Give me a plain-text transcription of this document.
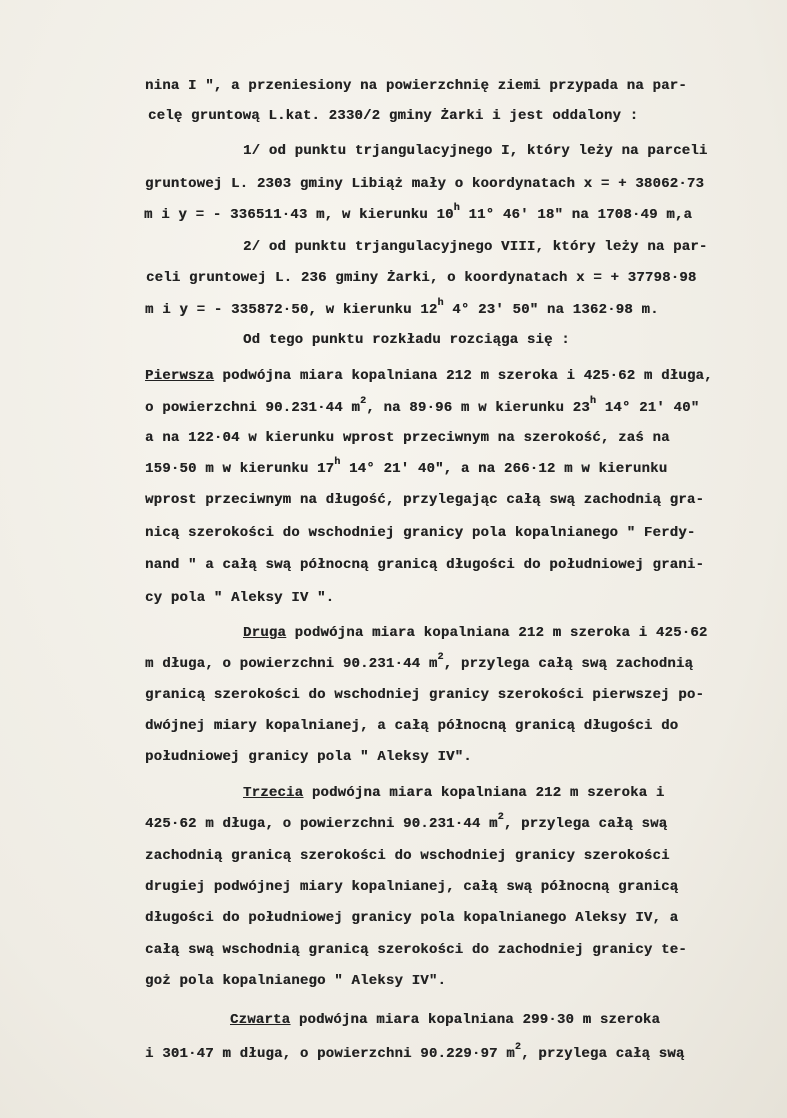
nina I ", a przeniesiony na powierzchnię ziemi przypada na par-
celę gruntową L.kat. 2330/2 gminy Żarki i jest oddalony :
1/ od punktu trjangulacyjnego I, który leży na parceli
gruntowej L. 2303 gminy Libiąż mały o koordynatach x = + 38062·73
m i y = - 336511·43 m, w kierunku 10$^h$ 11° 46' 18" na 1708·49 m,a
2/ od punktu trjangulacyjnego VIII, który leży na par-
celi gruntowej L. 236 gminy Żarki, o koordynatach x = + 37798·98
m i y = - 335872·50, w kierunku 12$^h$ 4° 23' 50" na 1362·98 m.
Od tego punktu rozkładu rozciąga się :
Pierwsza podwójna miara kopalniana 212 m szeroka i 425·62 m długa,
o powierzchni 90.231·44 $m^2$, na 89·96 m w kierunku 23$^h$ 14° 21' 40"
a na 122·04 w kierunku wprost przeciwnym na szerokość, zaś na
159·50 m w kierunku 17$^h$ 14° 21' 40", a na 266·12 m w kierunku
wprost przeciwnym na długość, przylegając całą swą zachodnią gra-
nicą szerokości do wschodniej granicy pola kopalnianego " Ferdy-
nand " a całą swą północną granicą długości do południowej grani-
cy pola " Aleksy IV ".
Druga podwójna miara kopalniana 212 m szeroka i 425·62
m długa, o powierzchni 90.231·44 $m^2$, przylega całą swą zachodnią
granicą szerokości do wschodniej granicy szerokości pierwszej po-
dwójnej miary kopalnianej, a całą północną granicą długości do
południowej granicy pola " Aleksy IV".
Trzecia podwójna miara kopalniana 212 m szeroka i
425·62 m długa, o powierzchni 90.231·44 $m^2$, przylega całą swą
zachodnią granicą szerokości do wschodniej granicy szerokości
drugiej podwójnej miary kopalnianej, całą swą północną granicą
długości do południowej granicy pola kopalnianego Aleksy IV, a
całą swą wschodnią granicą szerokości do zachodniej granicy te-
goż pola kopalnianego " Aleksy IV".
Czwarta podwójna miara kopalniana 299·30 m szeroka
i 301·47 m długa, o powierzchni 90.229·97 $m^2$, przylega całą swą
